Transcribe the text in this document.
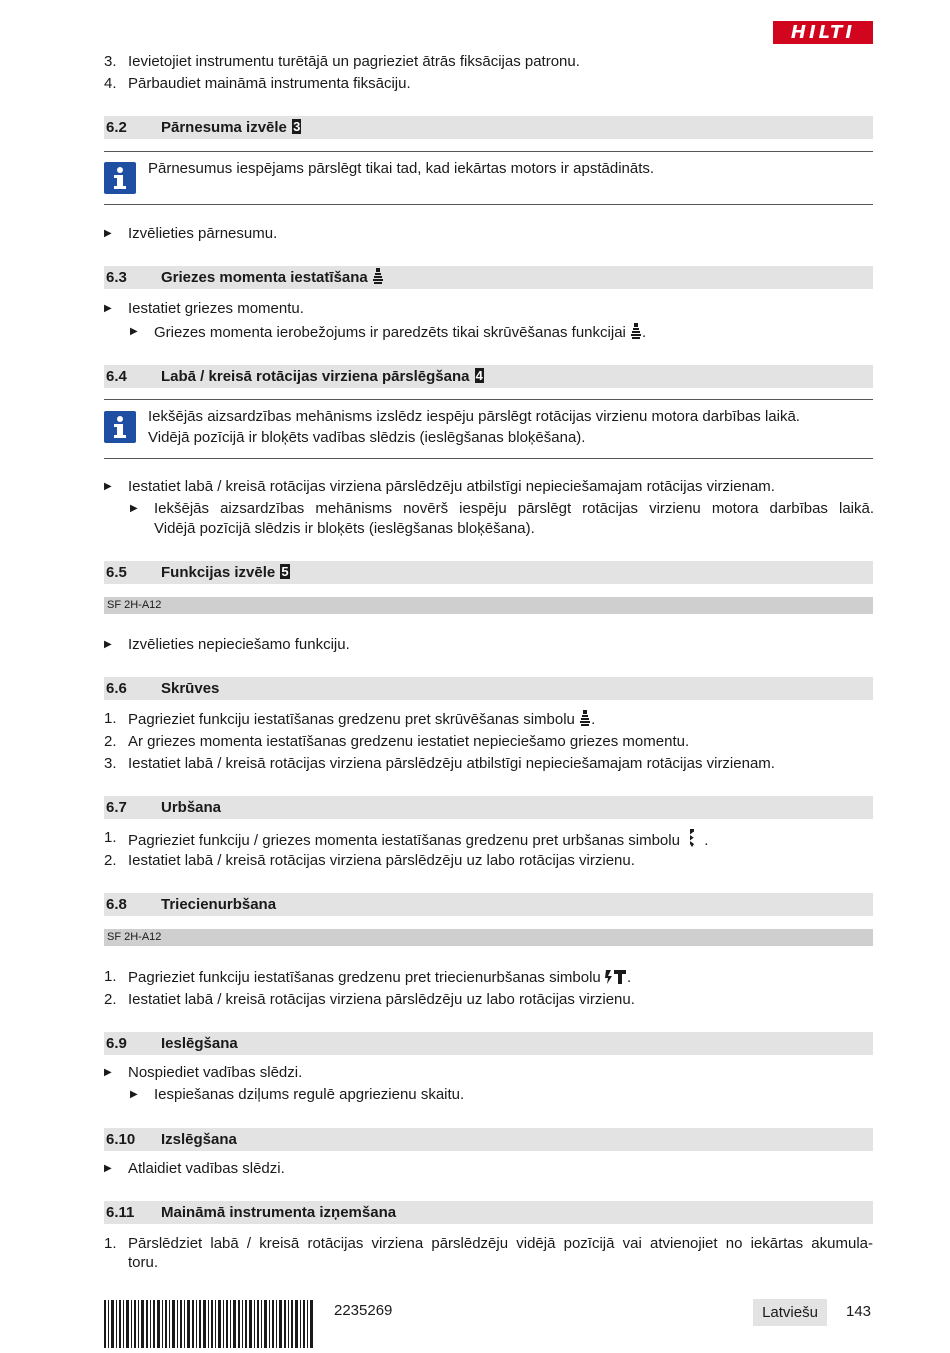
HILTI
3. Ievietojiet instrumentu turētājā un pagrieziet ātrās fiksācijas patronu.
4. Pārbaudiet maināmā instrumenta fiksāciju.
6.2 Pārnesuma izvēle 3
Pārnesumus iespējams pārslēgt tikai tad, kad iekārtas motors ir apstādināts.
▶ Izvēlieties pārnesumu.
6.3 Griezes momenta iestatīšana
▶ Iestatiet griezes momentu.
▶ Griezes momenta ierobežojums ir paredzēts tikai skrūvēšanas funkcijai .
6.4 Labā / kreisā rotācijas virziena pārslēgšana 4
Iekšējās aizsardzības mehānisms izslēdz iespēju pārslēgt rotācijas virzienu motora darbības laikā.
Vidējā pozīcijā ir bloķēts vadības slēdzis (ieslēgšanas bloķēšana).
▶ Iestatiet labā / kreisā rotācijas virziena pārslēdzēju atbilstīgi nepieciešamajam rotācijas virzienam.
▶ Iekšējās aizsardzības mehānisms novērš iespēju pārslēgt rotācijas virzienu motora darbības laikā.
Vidējā pozīcijā slēdzis ir bloķēts (ieslēgšanas bloķēšana).
6.5 Funkcijas izvēle 5
SF 2H-A12
▶ Izvēlieties nepieciešamo funkciju.
6.6 Skrūves
1. Pagrieziet funkciju iestatīšanas gredzenu pret skrūvēšanas simbolu .
2. Ar griezes momenta iestatīšanas gredzenu iestatiet nepieciešamo griezes momentu.
3. Iestatiet labā / kreisā rotācijas virziena pārslēdzēju atbilstīgi nepieciešamajam rotācijas virzienam.
6.7 Urbšana
1. Pagrieziet funkciju / griezes momenta iestatīšanas gredzenu pret urbšanas simbolu  .
2. Iestatiet labā / kreisā rotācijas virziena pārslēdzēju uz labo rotācijas virzienu.
6.8 Triecienurbšana
SF 2H-A12
1. Pagrieziet funkciju iestatīšanas gredzenu pret triecienurbšanas simbolu .
2. Iestatiet labā / kreisā rotācijas virziena pārslēdzēju uz labo rotācijas virzienu.
6.9 Ieslēgšana
▶ Nospiediet vadības slēdzi.
▶ Iespiešanas dziļums regulē apgriezienu skaitu.
6.10 Izslēgšana
▶ Atlaidiet vadības slēdzi.
6.11 Maināmā instrumenta izņemšana
1. Pārslēdziet labā / kreisā rotācijas virziena pārslēdzēju vidējā pozīcijā vai atvienojiet no iekārtas akumula-
toru.
2235269	Latviešu	143
